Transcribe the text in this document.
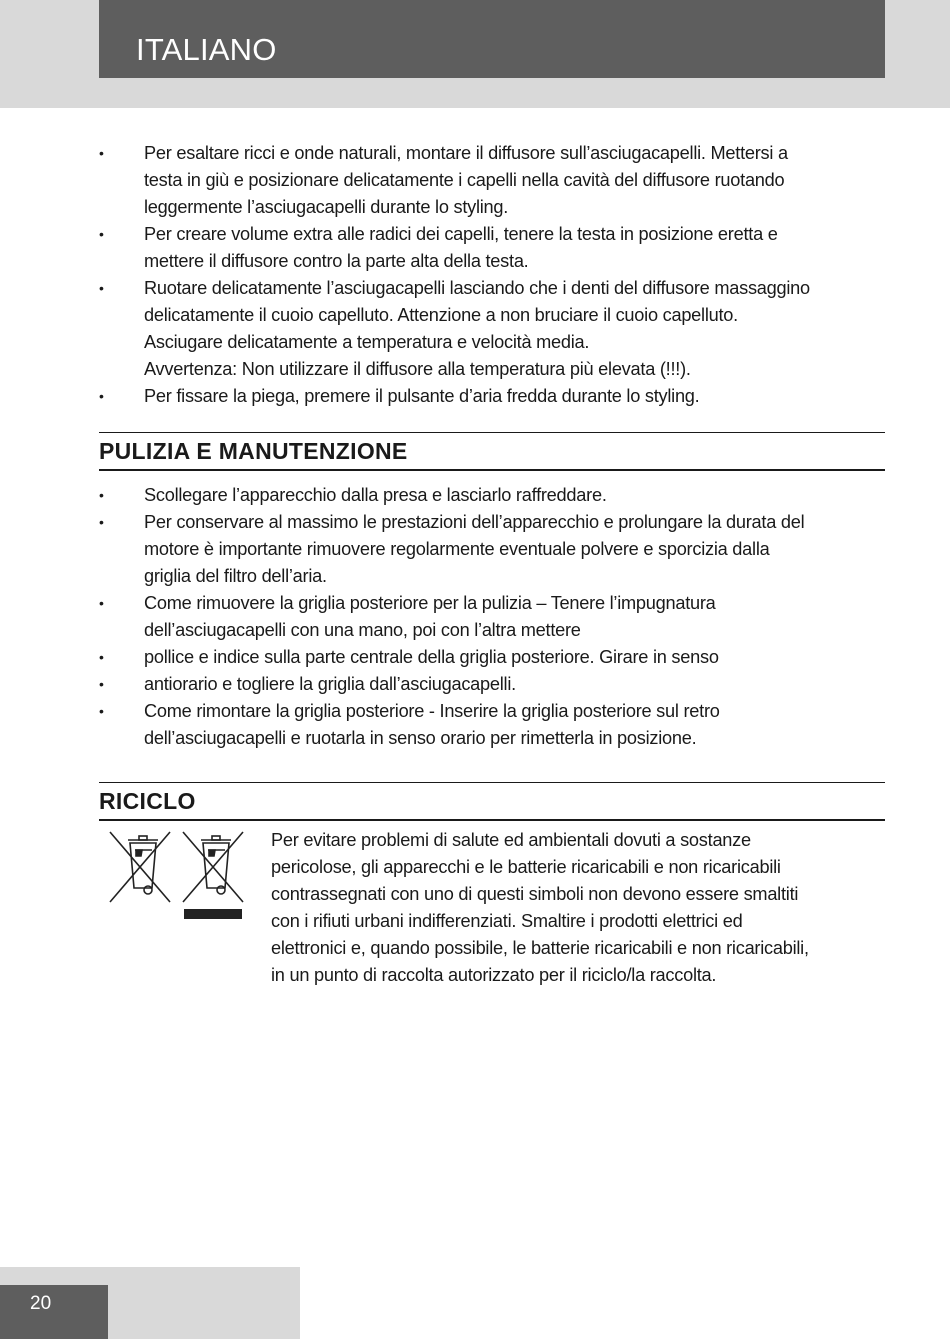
ITALIANO
• Per esaltare ricci e onde naturali, montare il diffusore sull’asciugacapelli. Mettersi a
testa in giù e posizionare delicatamente i capelli nella cavità del diffusore ruotando
leggermente l’asciugacapelli durante lo styling.
• Per creare volume extra alle radici dei capelli, tenere la testa in posizione eretta e
mettere il diffusore contro la parte alta della testa.
• Ruotare delicatamente l’asciugacapelli lasciando che i denti del diffusore massaggino
delicatamente il cuoio capelluto. Attenzione a non bruciare il cuoio capelluto.
Asciugare delicatamente a temperatura e velocità media.
Avvertenza: Non utilizzare il diffusore alla temperatura più elevata (!!!).
• Per fissare la piega, premere il pulsante d’aria fredda durante lo styling.
PULIZIA E MANUTENZIONE
• Scollegare l’apparecchio dalla presa e lasciarlo raffreddare.
• Per conservare al massimo le prestazioni dell’apparecchio e prolungare la durata del
motore è importante rimuovere regolarmente eventuale polvere e sporcizia dalla
griglia del filtro dell’aria.
• Come rimuovere la griglia posteriore per la pulizia – Tenere l’impugnatura
dell’asciugacapelli con una mano, poi con l’altra mettere
• pollice e indice sulla parte centrale della griglia posteriore. Girare in senso
• antiorario e togliere la griglia dall’asciugacapelli.
• Come rimontare la griglia posteriore - Inserire la griglia posteriore sul retro
dell’asciugacapelli e ruotarla in senso orario per rimetterla in posizione.
RICICLO
Per evitare problemi di salute ed ambientali dovuti a sostanze
pericolose, gli apparecchi e le batterie ricaricabili e non ricaricabili
contrassegnati con uno di questi simboli non devono essere smaltiti
con i rifiuti urbani indifferenziati. Smaltire i prodotti elettrici ed
elettronici e, quando possibile, le batterie ricaricabili e non ricaricabili,
in un punto di raccolta autorizzato per il riciclo/la raccolta.
20
